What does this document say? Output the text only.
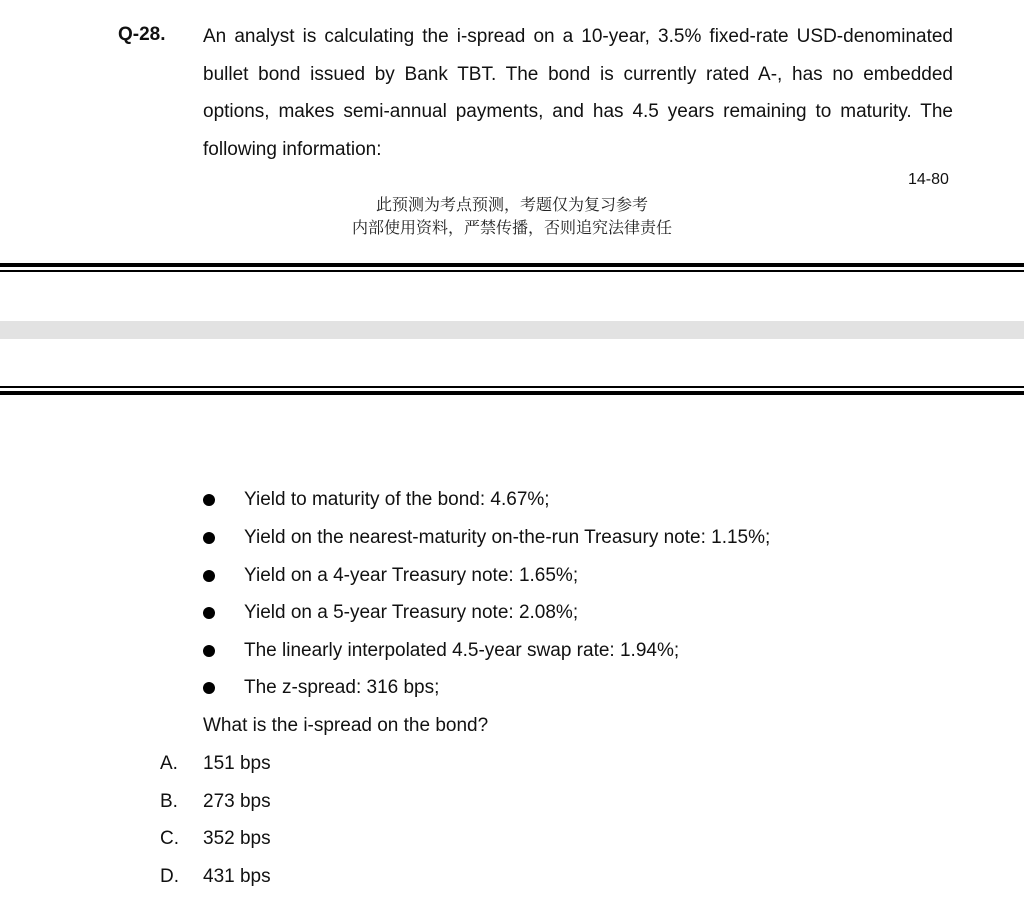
Q-28. An analyst is calculating the i-spread on a 10-year, 3.5% fixed-rate USD-denominated bullet bond issued by Bank TBT. The bond is currently rated A-, has no embedded options, makes semi-annual payments, and has 4.5 years remaining to maturity. The following information:
14-80
此预测为考点预测，考题仅为复习参考
内部使用资料，严禁传播，否则追究法律责任
Yield to maturity of the bond: 4.67%;
Yield on the nearest-maturity on-the-run Treasury note: 1.15%;
Yield on a 4-year Treasury note: 1.65%;
Yield on a 5-year Treasury note: 2.08%;
The linearly interpolated 4.5-year swap rate: 1.94%;
The z-spread: 316 bps;
What is the i-spread on the bond?
A.	151 bps
B.	273 bps
C.	352 bps
D.	431 bps
